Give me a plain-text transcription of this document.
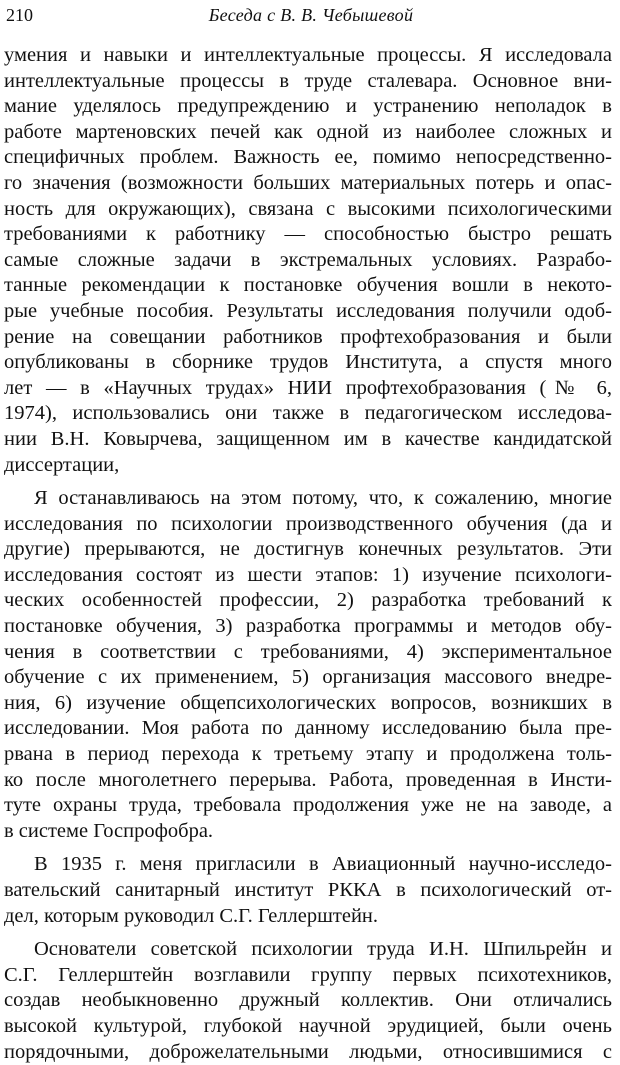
210	Беседа с В. В. Чебышевой
умения и навыки и интеллектуальные процессы. Я исследовала
интеллектуальные процессы в труде сталевара. Основное вни-
мание уделялось предупреждению и устранению неполадок в
работе мартеновских печей как одной из наиболее сложных и
специфичных проблем. Важность ее, помимо непосредственно-
го значения (возможности больших материальных потерь и опас-
ность для окружающих), связана с высокими психологическими
требованиями к работнику — способностью быстро решать
самые сложные задачи в экстремальных условиях. Разрабо-
танные рекомендации к постановке обучения вошли в некото-
рые учебные пособия. Результаты исследования получили одоб-
рение на совещании работников профтехобразования и были
опубликованы в сборнике трудов Института, а спустя много
лет — в «Научных трудах» НИИ профтехобразования (№ 6,
1974), использовались они также в педагогическом исследова-
нии В.Н. Ковырчева, защищенном им в качестве кандидатской
диссертации,
Я останавливаюсь на этом потому, что, к сожалению, многие
исследования по психологии производственного обучения (да и
другие) прерываются, не достигнув конечных результатов. Эти
исследования состоят из шести этапов: 1) изучение психологи-
ческих особенностей профессии, 2) разработка требований к
постановке обучения, 3) разработка программы и методов обу-
чения в соответствии с требованиями, 4) экспериментальное
обучение с их применением, 5) организация массового внедре-
ния, 6) изучение общепсихологических вопросов, возникших в
исследовании. Моя работа по данному исследованию была пре-
рвана в период перехода к третьему этапу и продолжена толь-
ко после многолетнего перерыва. Работа, проведенная в Инсти-
туте охраны труда, требовала продолжения уже не на заводе, а
в системе Госпрофобра.
В 1935 г. меня пригласили в Авиационный научно-исследо-
вательский санитарный институт РККА в психологический от-
дел, которым руководил С.Г. Геллерштейн.
Основатели советской психологии труда И.Н. Шпильрейн и
С.Г. Геллерштейн возглавили группу первых психотехников,
создав необыкновенно дружный коллектив. Они отличались
высокой культурой, глубокой научной эрудицией, были очень
порядочными, доброжелательными людьми, относившимися с
